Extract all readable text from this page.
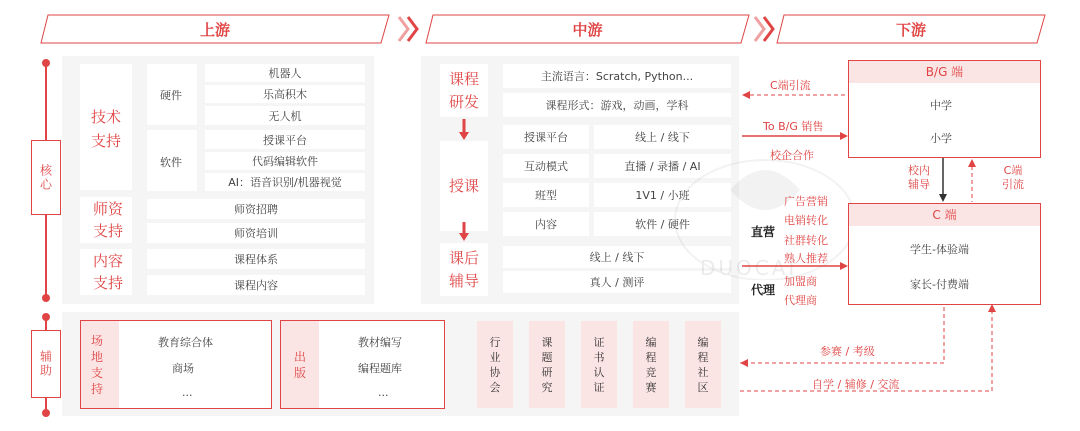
上游	中游	下游
核心
辅助
技术支持
硬件
机器人
乐高积木
无人机
软件
授课平台
代码编辑软件
AI：语音识别/机器视觉
师资支持
师资招聘
师资培训
内容支持
课程体系
课程内容
课程研发
主流语言：Scratch, Python...
课程形式：游戏，动画，学科
授课
授课平台	线上 / 线下
互动模式	直播 / 录播 / AI
班型	1V1 / 小班
内容	软件 / 硬件
课后辅导
线上 / 线下
真人 / 测评
DUOCAI
C端引流
To B/G 销售
校企合作
直营
代理
广告营销
电销转化
社群转化
熟人推荐
加盟商
代理商
B/G 端
中学
小学
校内辅导
C端引流
C 端
学生-体验端
家长-付费端
场地支持
教育综合体
商场
...
出版
教材编写
编程题库
...
行业协会
课题研究
证书认证
编程竞赛
编程社区
参赛 / 考级
自学 / 辅修 / 交流
